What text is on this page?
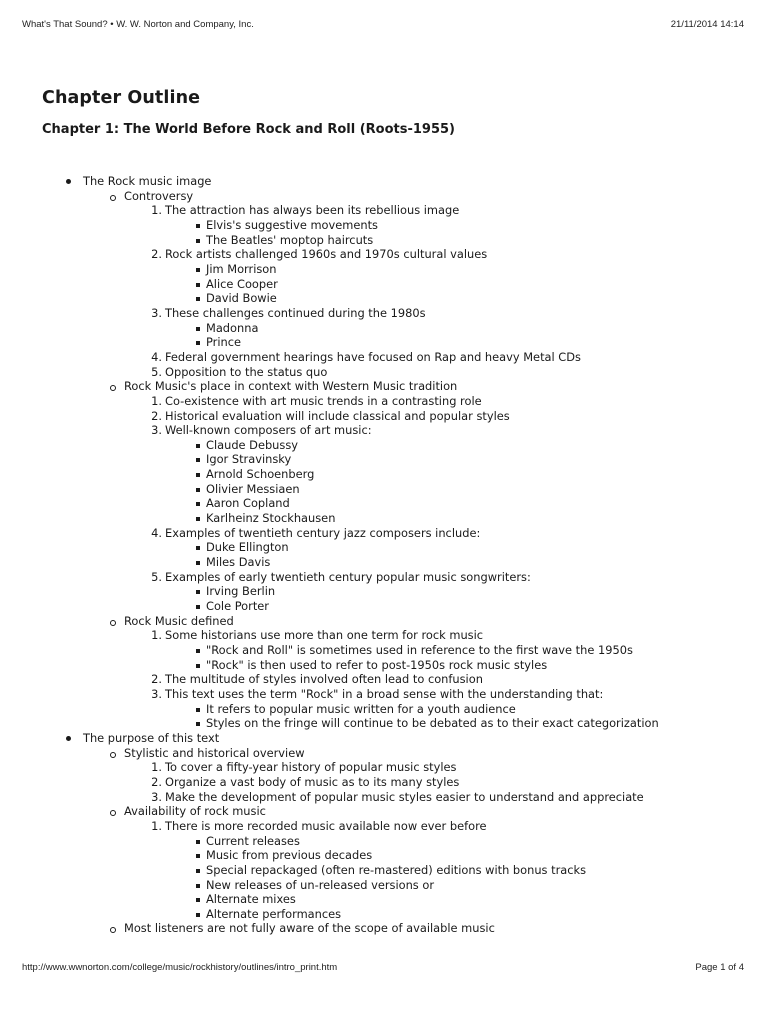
What's That Sound? • W. W. Norton and Company, Inc.	21/11/2014 14:14
Chapter Outline
Chapter 1: The World Before Rock and Roll (Roots-1955)
The Rock music image
Controversy
1. The attraction has always been its rebellious image
Elvis's suggestive movements
The Beatles' moptop haircuts
2. Rock artists challenged 1960s and 1970s cultural values
Jim Morrison
Alice Cooper
David Bowie
3. These challenges continued during the 1980s
Madonna
Prince
4. Federal government hearings have focused on Rap and heavy Metal CDs
5. Opposition to the status quo
Rock Music's place in context with Western Music tradition
1. Co-existence with art music trends in a contrasting role
2. Historical evaluation will include classical and popular styles
3. Well-known composers of art music:
Claude Debussy
Igor Stravinsky
Arnold Schoenberg
Olivier Messiaen
Aaron Copland
Karlheinz Stockhausen
4. Examples of twentieth century jazz composers include:
Duke Ellington
Miles Davis
5. Examples of early twentieth century popular music songwriters:
Irving Berlin
Cole Porter
Rock Music defined
1. Some historians use more than one term for rock music
"Rock and Roll" is sometimes used in reference to the first wave the 1950s
"Rock" is then used to refer to post-1950s rock music styles
2. The multitude of styles involved often lead to confusion
3. This text uses the term "Rock" in a broad sense with the understanding that:
It refers to popular music written for a youth audience
Styles on the fringe will continue to be debated as to their exact categorization
The purpose of this text
Stylistic and historical overview
1. To cover a fifty-year history of popular music styles
2. Organize a vast body of music as to its many styles
3. Make the development of popular music styles easier to understand and appreciate
Availability of rock music
1. There is more recorded music available now ever before
Current releases
Music from previous decades
Special repackaged (often re-mastered) editions with bonus tracks
New releases of un-released versions or
Alternate mixes
Alternate performances
Most listeners are not fully aware of the scope of available music
http://www.wwnorton.com/college/music/rockhistory/outlines/intro_print.htm	Page 1 of 4
